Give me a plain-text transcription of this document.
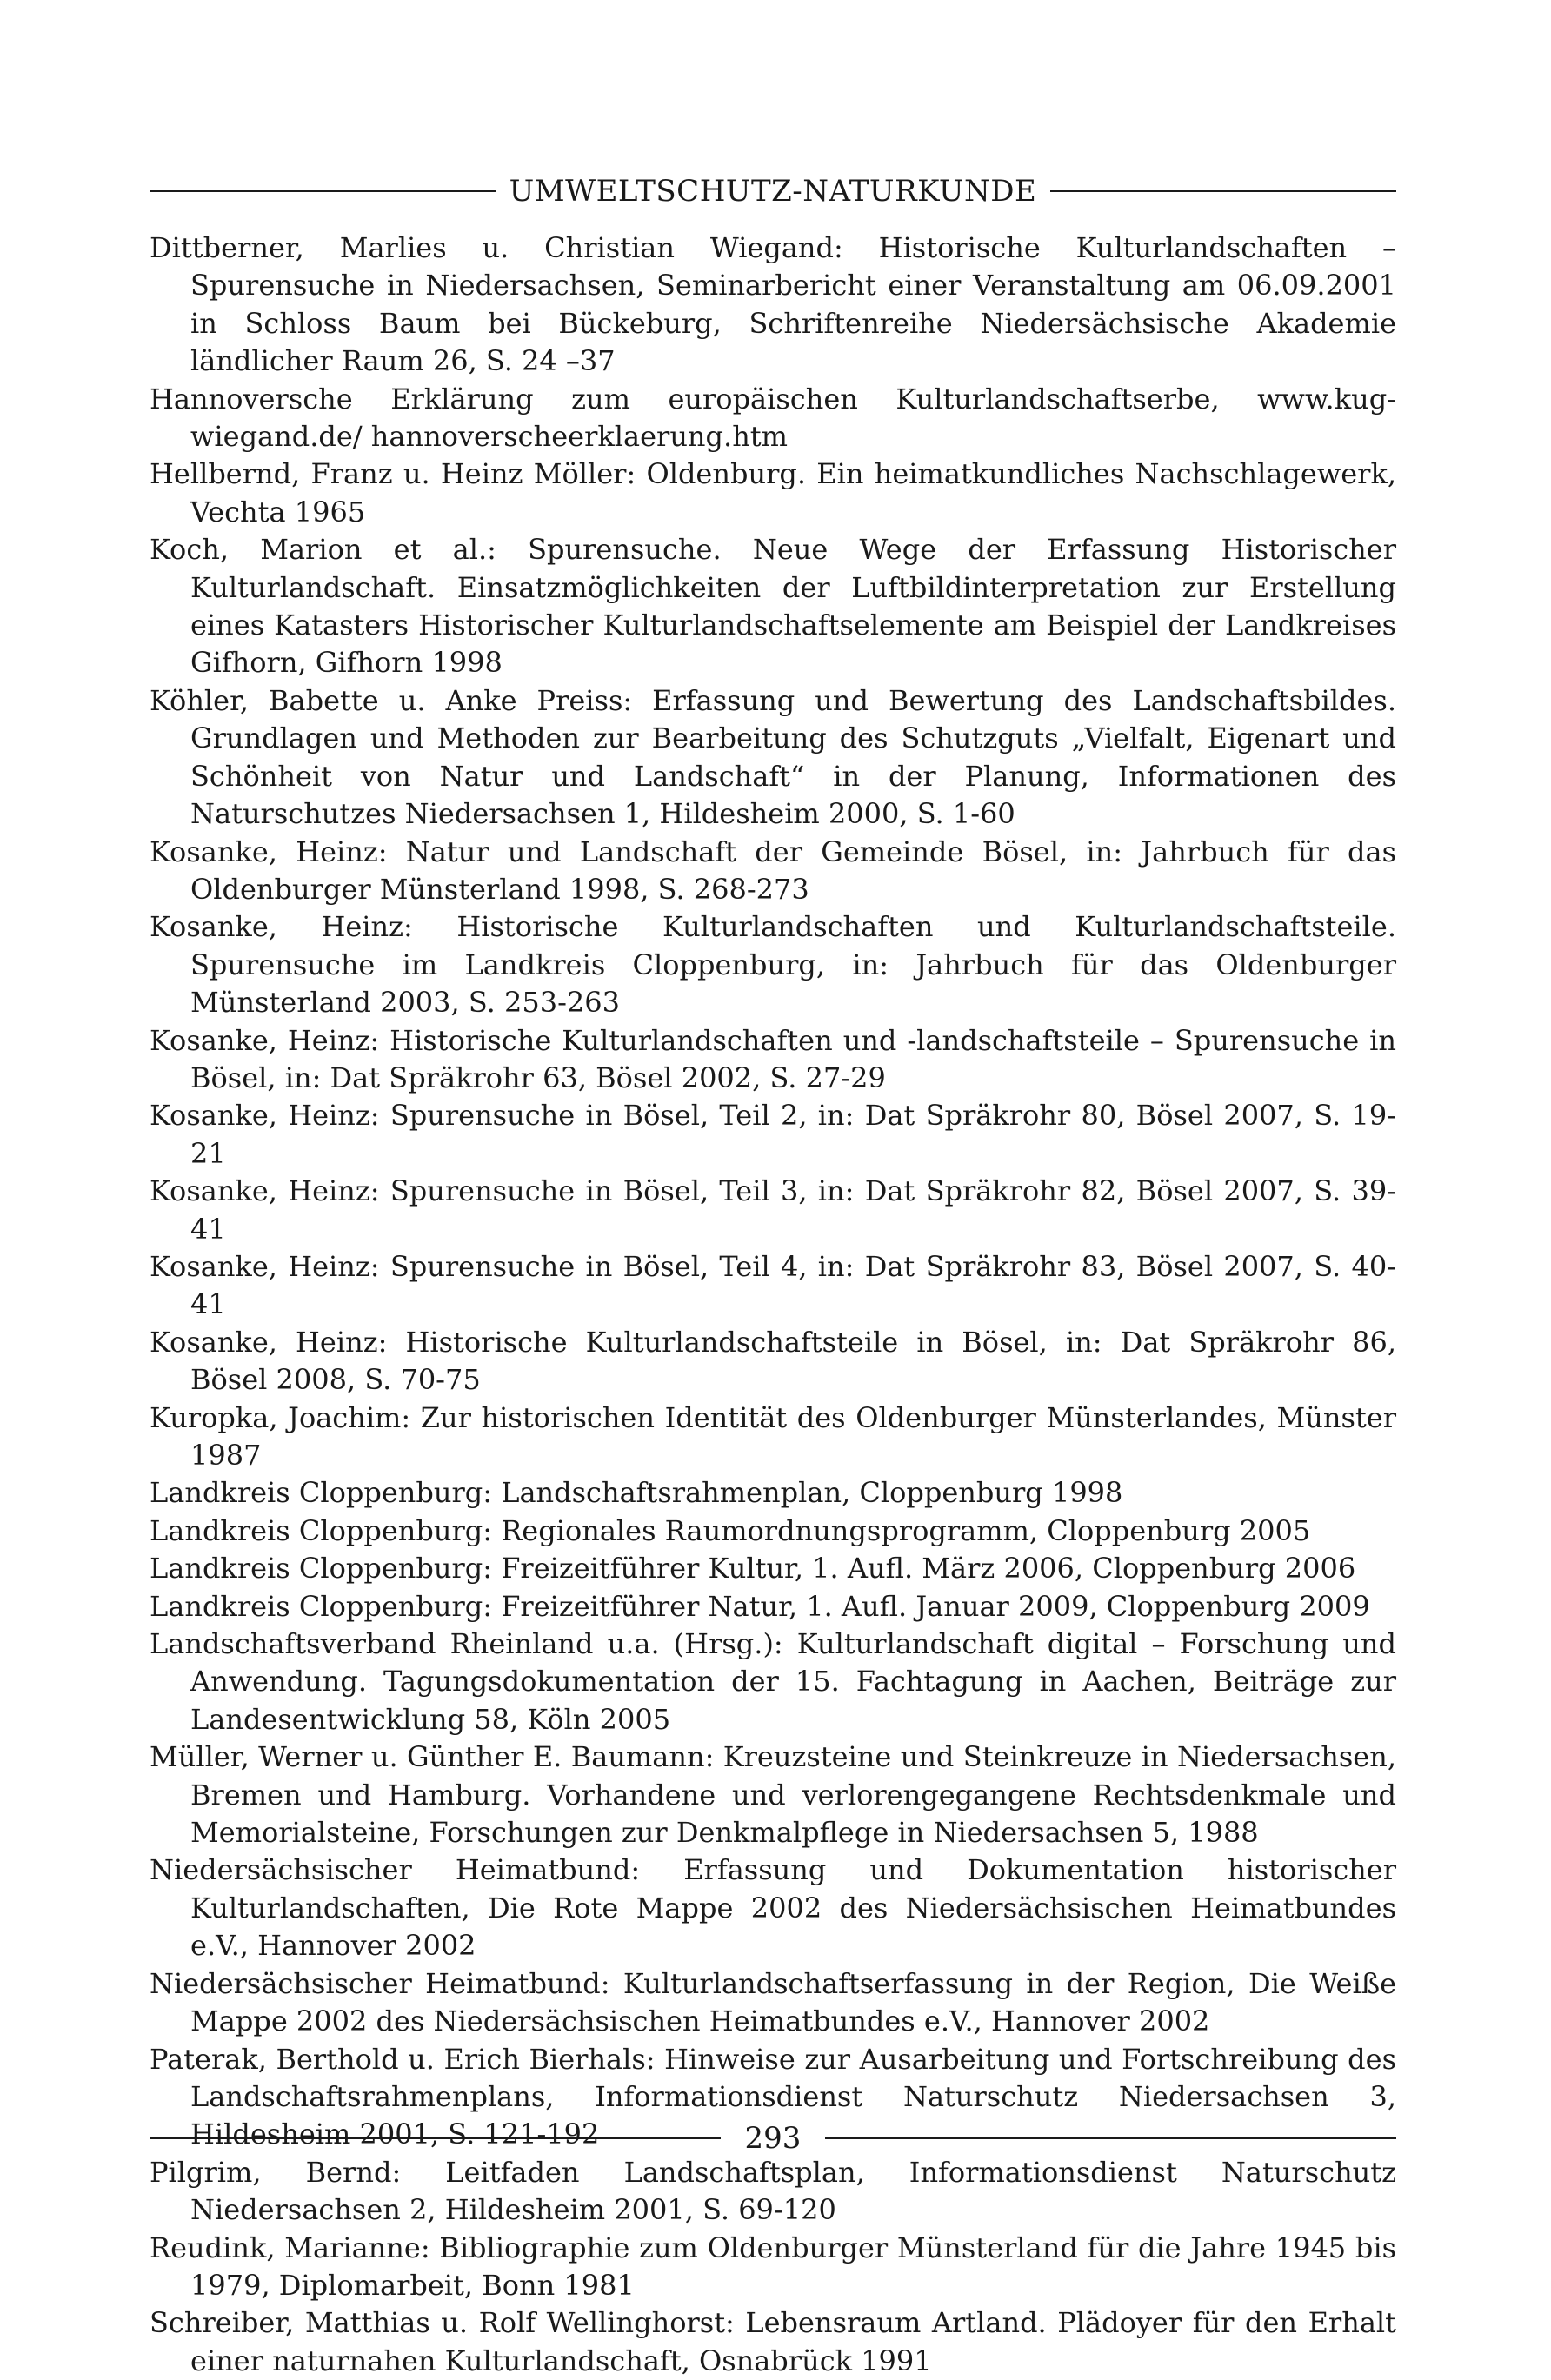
UMWELTSCHUTZ-NATURKUNDE
Dittberner, Marlies u. Christian Wiegand: Historische Kulturlandschaften – Spurensuche in Niedersachsen, Seminarbericht einer Veranstaltung am 06.09.2001 in Schloss Baum bei Bückeburg, Schriftenreihe Niedersächsische Akademie ländlicher Raum 26, S. 24 –37
Hannoversche Erklärung zum europäischen Kulturlandschaftserbe, www.kug-wiegand.de/ hannoverscheerklaerung.htm
Hellbernd, Franz u. Heinz Möller: Oldenburg. Ein heimatkundliches Nachschlagewerk, Vechta 1965
Koch, Marion et al.: Spurensuche. Neue Wege der Erfassung Historischer Kulturlandschaft. Einsatzmöglichkeiten der Luftbildinterpretation zur Erstellung eines Katasters Historischer Kulturlandschaftselemente am Beispiel der Landkreises Gifhorn, Gifhorn 1998
Köhler, Babette u. Anke Preiss: Erfassung und Bewertung des Landschaftsbildes. Grundlagen und Methoden zur Bearbeitung des Schutzguts „Vielfalt, Eigenart und Schönheit von Natur und Landschaft“ in der Planung, Informationen des Naturschutzes Niedersachsen 1, Hildesheim 2000, S. 1-60
Kosanke, Heinz: Natur und Landschaft der Gemeinde Bösel, in: Jahrbuch für das Oldenburger Münsterland 1998, S. 268-273
Kosanke, Heinz: Historische Kulturlandschaften und Kulturlandschaftsteile. Spurensuche im Landkreis Cloppenburg, in: Jahrbuch für das Oldenburger Münsterland 2003, S. 253-263
Kosanke, Heinz: Historische Kulturlandschaften und -landschaftsteile – Spurensuche in Bösel, in: Dat Spräkrohr 63, Bösel 2002, S. 27-29
Kosanke, Heinz: Spurensuche in Bösel, Teil 2, in: Dat Spräkrohr 80, Bösel 2007, S. 19-21
Kosanke, Heinz: Spurensuche in Bösel, Teil 3, in: Dat Spräkrohr 82, Bösel 2007, S. 39-41
Kosanke, Heinz: Spurensuche in Bösel, Teil 4, in: Dat Spräkrohr 83, Bösel 2007, S. 40-41
Kosanke, Heinz: Historische Kulturlandschaftsteile in Bösel, in: Dat Spräkrohr 86, Bösel 2008, S. 70-75
Kuropka, Joachim: Zur historischen Identität des Oldenburger Münsterlandes, Münster 1987
Landkreis Cloppenburg: Landschaftsrahmenplan, Cloppenburg 1998
Landkreis Cloppenburg: Regionales Raumordnungsprogramm, Cloppenburg 2005
Landkreis Cloppenburg: Freizeitführer Kultur, 1. Aufl. März 2006, Cloppenburg 2006
Landkreis Cloppenburg: Freizeitführer Natur, 1. Aufl. Januar 2009, Cloppenburg 2009
Landschaftsverband Rheinland u.a. (Hrsg.): Kulturlandschaft digital – Forschung und Anwendung. Tagungsdokumentation der 15. Fachtagung in Aachen, Beiträge zur Landesentwicklung 58, Köln 2005
Müller, Werner u. Günther E. Baumann: Kreuzsteine und Steinkreuze in Niedersachsen, Bremen und Hamburg. Vorhandene und verlorengegangene Rechtsdenkmale und Memorialsteine, Forschungen zur Denkmalpflege in Niedersachsen 5, 1988
Niedersächsischer Heimatbund: Erfassung und Dokumentation historischer Kulturlandschaften, Die Rote Mappe 2002 des Niedersächsischen Heimatbundes e.V., Hannover 2002
Niedersächsischer Heimatbund: Kulturlandschaftserfassung in der Region, Die Weiße Mappe 2002 des Niedersächsischen Heimatbundes e.V., Hannover 2002
Paterak, Berthold u. Erich Bierhals: Hinweise zur Ausarbeitung und Fortschreibung des Landschaftsrahmenplans, Informationsdienst Naturschutz Niedersachsen 3, Hildesheim 2001, S. 121-192
Pilgrim, Bernd: Leitfaden Landschaftsplan, Informationsdienst Naturschutz Niedersachsen 2, Hildesheim 2001, S. 69-120
Reudink, Marianne: Bibliographie zum Oldenburger Münsterland für die Jahre 1945 bis 1979, Diplomarbeit, Bonn 1981
Schreiber, Matthias u. Rolf Wellinghorst: Lebensraum Artland. Plädoyer für den Erhalt einer naturnahen Kulturlandschaft, Osnabrück 1991
293
